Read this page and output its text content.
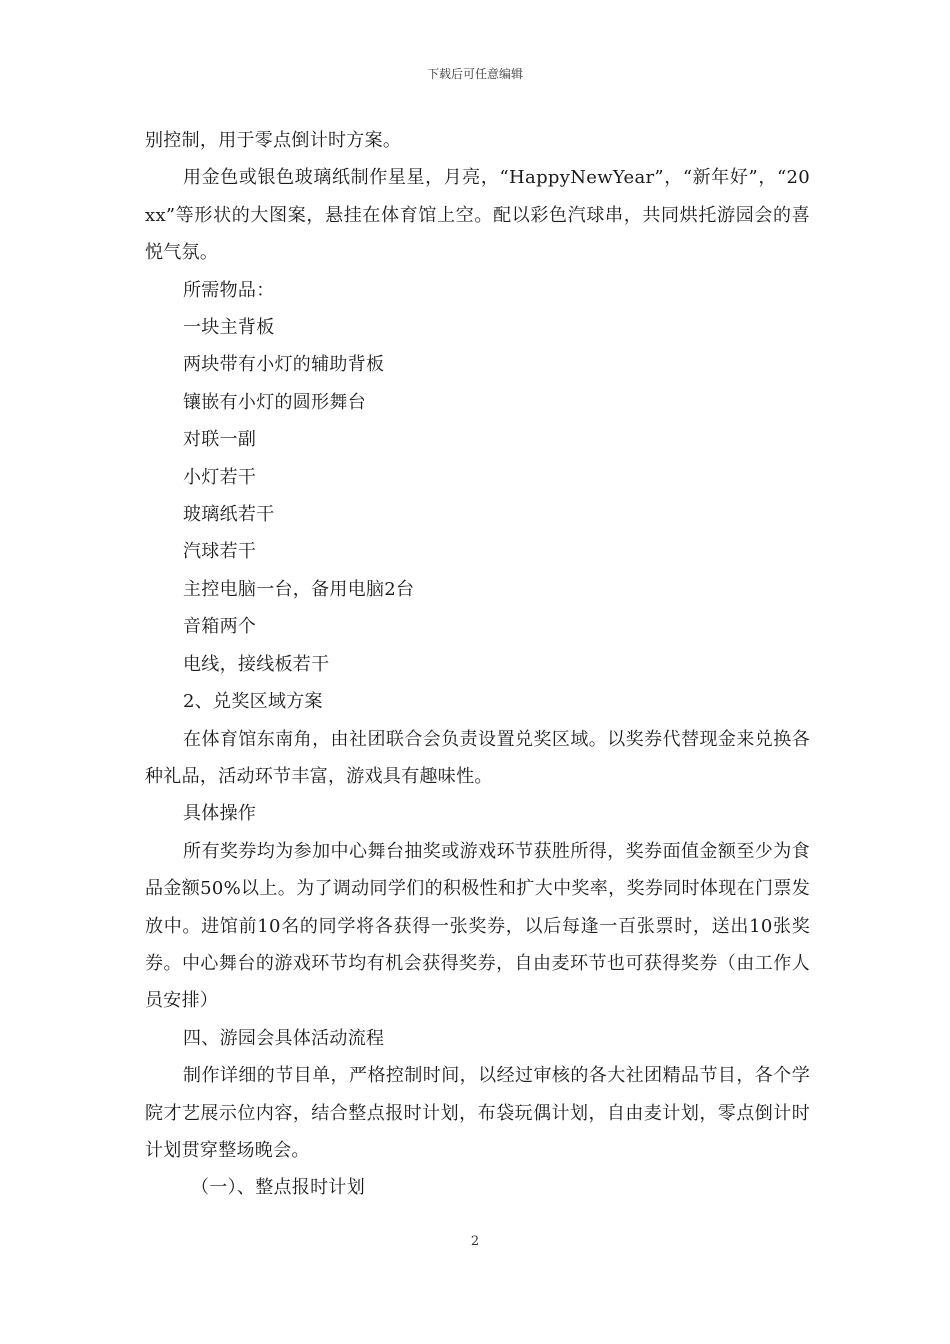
下载后可任意编辑

别控制，用于零点倒计时方案。

用金色或银色玻璃纸制作星星，月亮，“HappyNewYear”，“新年好”，“20xx”等形状的大图案，悬挂在体育馆上空。配以彩色汽球串，共同烘托游园会的喜悦气氛。

所需物品：

一块主背板

两块带有小灯的辅助背板

镶嵌有小灯的圆形舞台

对联一副

小灯若干

玻璃纸若干

汽球若干

主控电脑一台，备用电脑2台

音箱两个

电线，接线板若干

2、兑奖区域方案

在体育馆东南角，由社团联合会负责设置兑奖区域。以奖券代替现金来兑换各种礼品，活动环节丰富，游戏具有趣味性。

具体操作

所有奖券均为参加中心舞台抽奖或游戏环节获胜所得，奖券面值金额至少为食品金额50%以上。为了调动同学们的积极性和扩大中奖率，奖券同时体现在门票发放中。进馆前10名的同学将各获得一张奖券，以后每逢一百张票时，送出10张奖券。中心舞台的游戏环节均有机会获得奖券，自由麦环节也可获得奖券（由工作人员安排）

四、游园会具体活动流程

制作详细的节目单，严格控制时间，以经过审核的各大社团精品节目，各个学院才艺展示位内容，结合整点报时计划，布袋玩偶计划，自由麦计划，零点倒计时计划贯穿整场晚会。

（一）、整点报时计划

2
